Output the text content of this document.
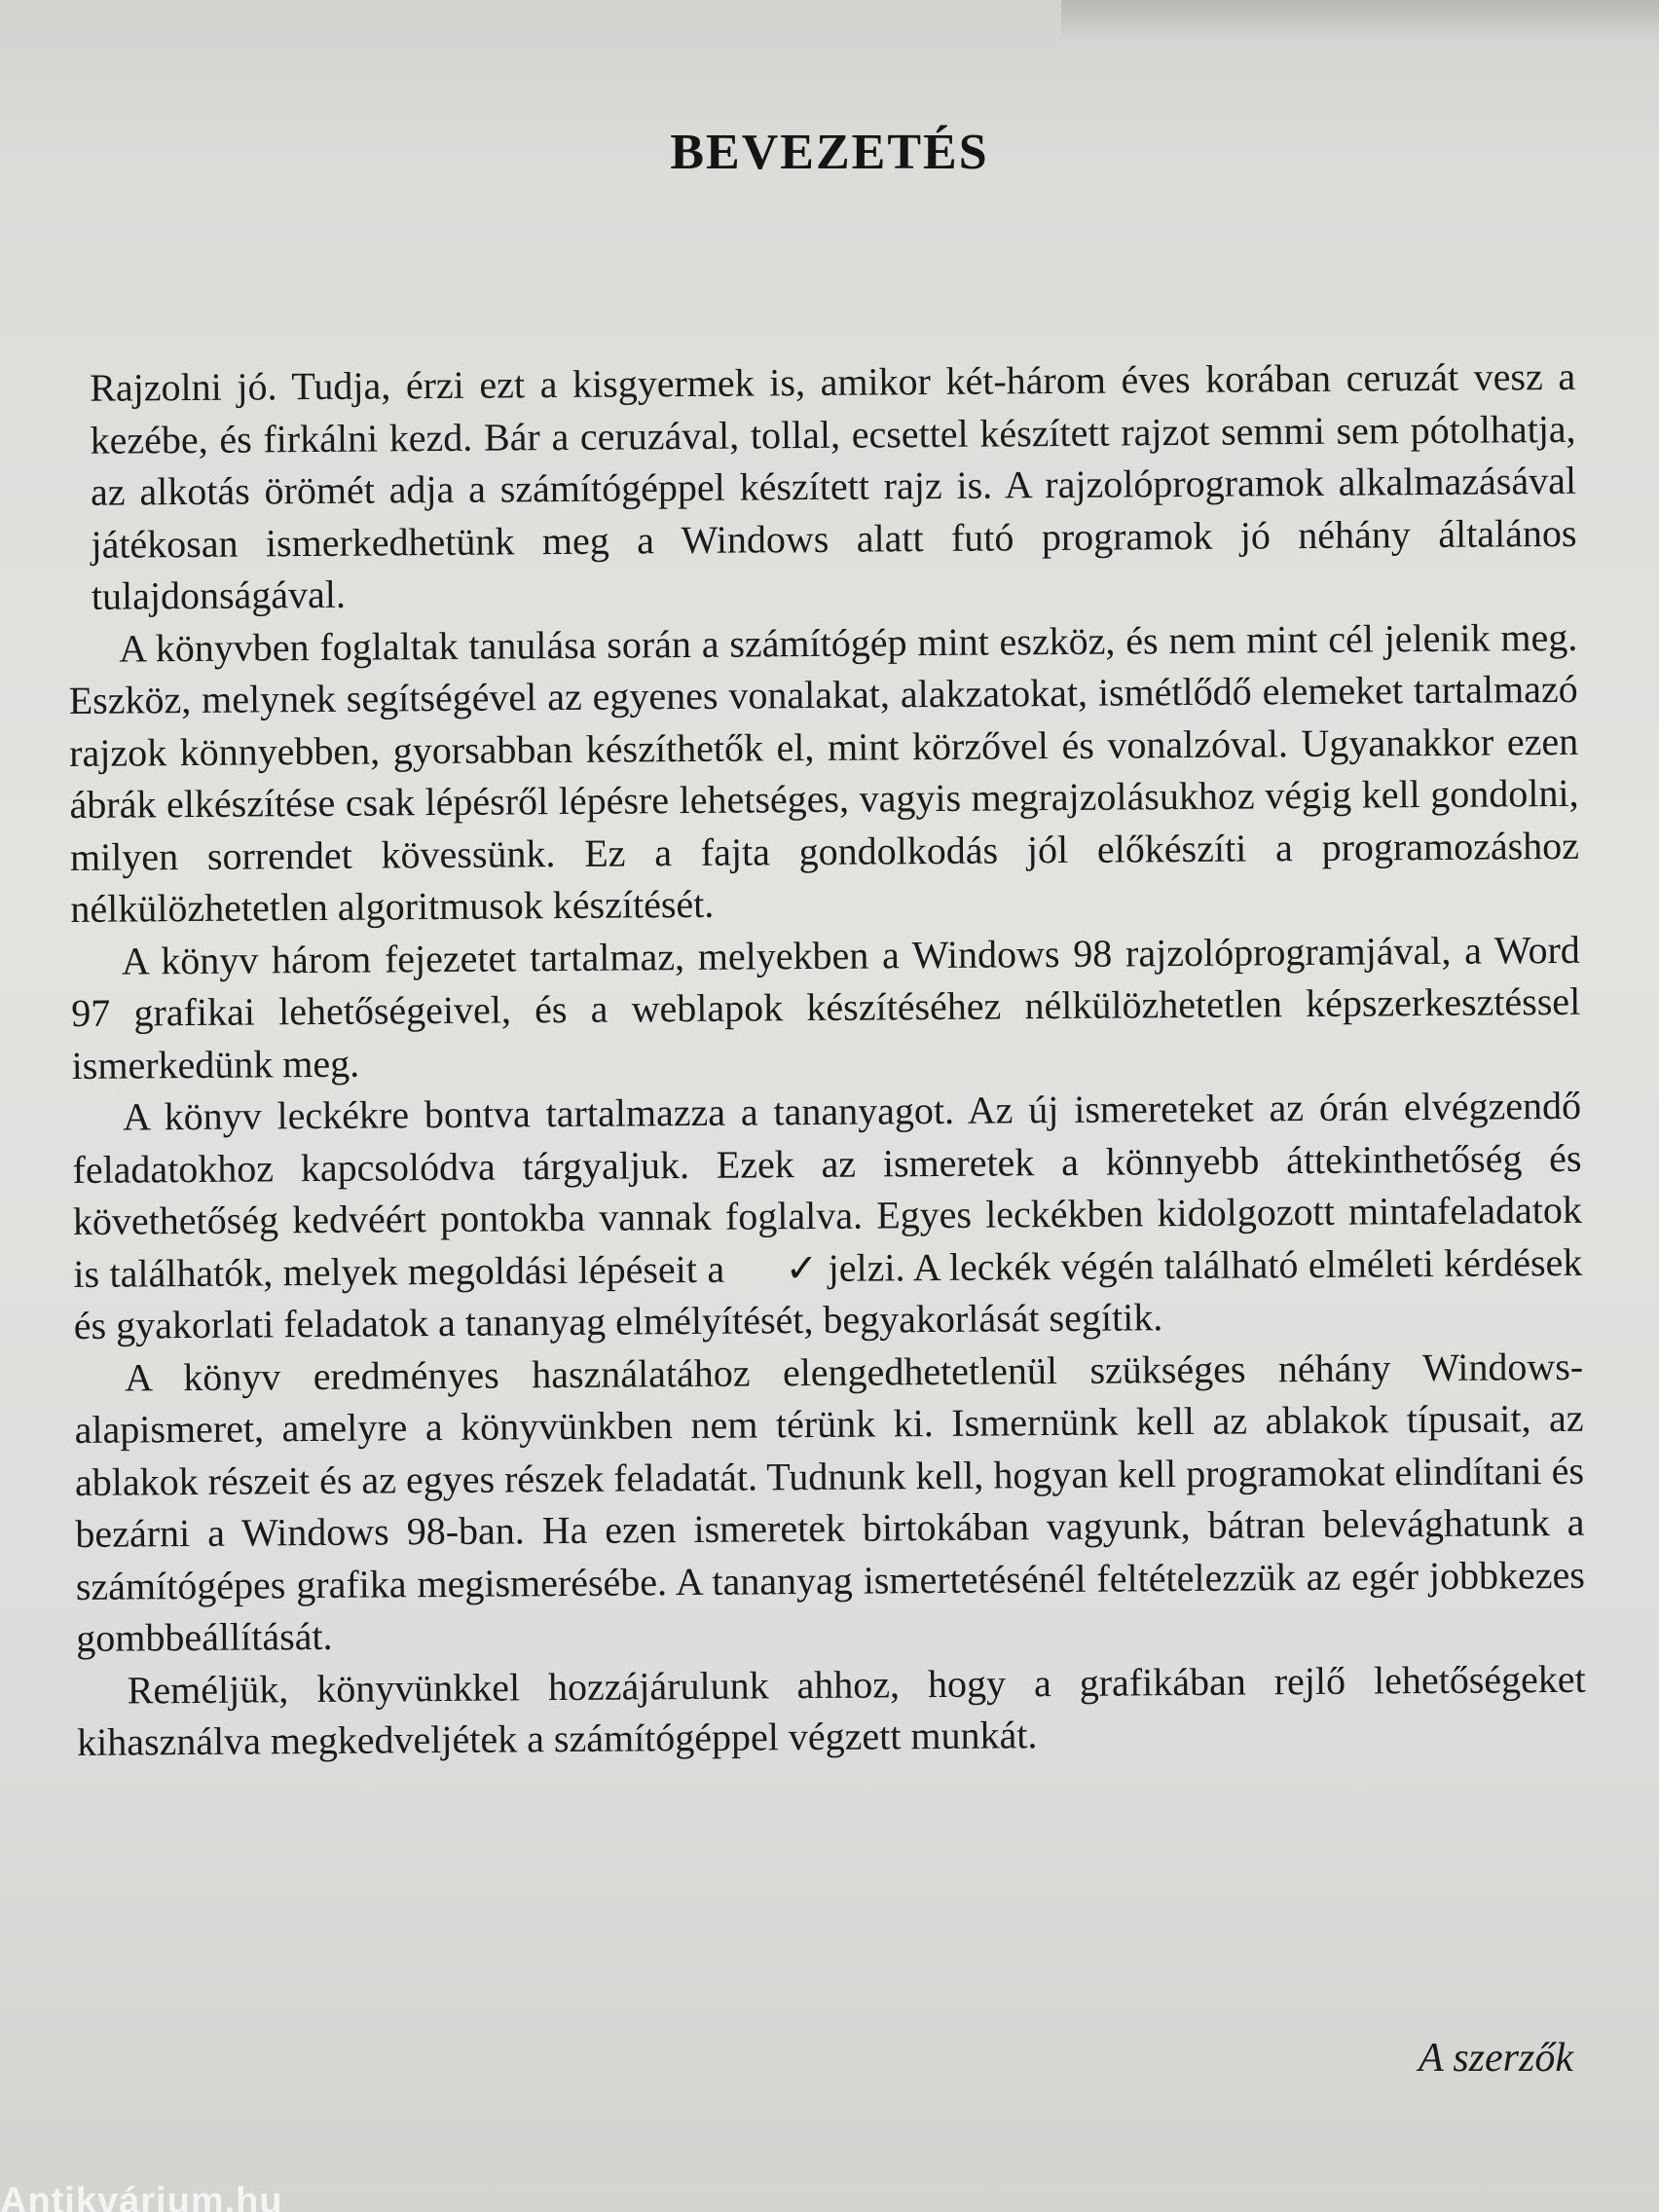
BEVEZETÉS

Rajzolni jó. Tudja, érzi ezt a kisgyermek is, amikor két-három éves korában ceruzát vesz a kezébe, és firkálni kezd. Bár a ceruzával, tollal, ecsettel készített rajzot semmi sem pótolhatja, az alkotás örömét adja a számítógéppel készített rajz is. A rajzolóprogramok alkalmazásával játékosan ismerkedhetünk meg a Windows alatt futó programok jó néhány általános tulajdonságával.

A könyvben foglaltak tanulása során a számítógép mint eszköz, és nem mint cél jelenik meg. Eszköz, melynek segítségével az egyenes vonalakat, alakzatokat, ismétlődő elemeket tartalmazó rajzok könnyebben, gyorsabban készíthetők el, mint körzővel és vonalzóval. Ugyanakkor ezen ábrák elkészítése csak lépésről lépésre lehetséges, vagyis megrajzolásukhoz végig kell gondolni, milyen sorrendet kövessünk. Ez a fajta gondolkodás jól előkészíti a programozáshoz nélkülözhetetlen algoritmusok készítését.

A könyv három fejezetet tartalmaz, melyekben a Windows 98 rajzolóprogramjával, a Word 97 grafikai lehetőségeivel, és a weblapok készítéséhez nélkülözhetetlen képszerkesztéssel ismerkedünk meg.

A könyv leckékre bontva tartalmazza a tananyagot. Az új ismereteket az órán elvégzendő feladatokhoz kapcsolódva tárgyaljuk. Ezek az ismeretek a könnyebb áttekinthetőség és követhetőség kedvéért pontokba vannak foglalva. Egyes leckékben kidolgozott mintafeladatok is találhatók, melyek megoldási lépéseit a ✓ jelzi. A leckék végén található elméleti kérdések és gyakorlati feladatok a tananyag elmélyítését, begyakorlását segítik.

A könyv eredményes használatához elengedhetetlenül szükséges néhány Windows-alapismeret, amelyre a könyvünkben nem térünk ki. Ismernünk kell az ablakok típusait, az ablakok részeit és az egyes részek feladatát. Tudnunk kell, hogyan kell programokat elindítani és bezárni a Windows 98-ban. Ha ezen ismeretek birtokában vagyunk, bátran belevághatunk a számítógépes grafika megismerésébe. A tananyag ismertetésénél feltételezzük az egér jobbkezes gombbeállítását.

Reméljük, könyvünkkel hozzájárulunk ahhoz, hogy a grafikában rejlő lehetőségeket kihasználva megkedveljétek a számítógéppel végzett munkát.

A szerzők
Antikvárium.hu
